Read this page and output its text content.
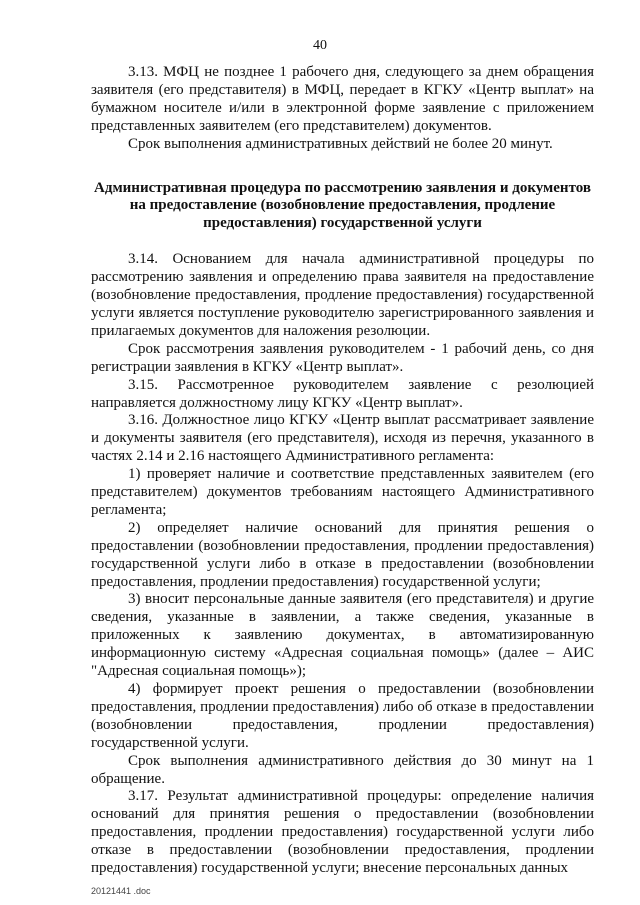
40

3.13. МФЦ не позднее 1 рабочего дня, следующего за днем обращения заявителя (его представителя) в МФЦ, передает в КГКУ «Центр выплат» на бумажном носителе и/или в электронной форме заявление с приложением представленных заявителем (его представителем) документов.

Срок выполнения административных действий не более 20 минут.

Административная процедура по рассмотрению заявления и документов на предоставление (возобновление предоставления, продление предоставления) государственной услуги

3.14. Основанием для начала административной процедуры по рассмотрению заявления и определению права заявителя на предоставление (возобновление предоставления, продление предоставления) государственной услуги является поступление руководителю зарегистрированного заявления и прилагаемых документов для наложения резолюции.

Срок рассмотрения заявления руководителем - 1 рабочий день, со дня регистрации заявления в КГКУ «Центр выплат».

3.15. Рассмотренное руководителем заявление с резолюцией направляется должностному лицу КГКУ «Центр выплат».

3.16. Должностное лицо КГКУ «Центр выплат рассматривает заявление и документы заявителя (его представителя), исходя из перечня, указанного в частях 2.14 и 2.16 настоящего Административного регламента:

1) проверяет наличие и соответствие представленных заявителем (его представителем) документов требованиям настоящего Административного регламента;

2) определяет наличие оснований для принятия решения о предоставлении (возобновлении предоставления, продлении предоставления) государственной услуги либо в отказе в предоставлении (возобновлении предоставления, продлении предоставления) государственной услуги;

3) вносит персональные данные заявителя (его представителя) и другие сведения, указанные в заявлении, а также сведения, указанные в приложенных к заявлению документах, в автоматизированную информационную систему «Адресная социальная помощь» (далее – АИС "Адресная социальная помощь»);

4) формирует проект решения о предоставлении (возобновлении предоставления, продлении предоставления) либо об отказе в предоставлении (возобновлении предоставления, продлении предоставления) государственной услуги.

Срок выполнения административного действия до 30 минут на 1 обращение.

3.17. Результат административной процедуры: определение наличия оснований для принятия решения о предоставлении (возобновлении предоставления, продлении предоставления) государственной услуги либо отказе в предоставлении (возобновлении предоставления, продлении предоставления) государственной услуги; внесение персональных данных

20121441 .doc
